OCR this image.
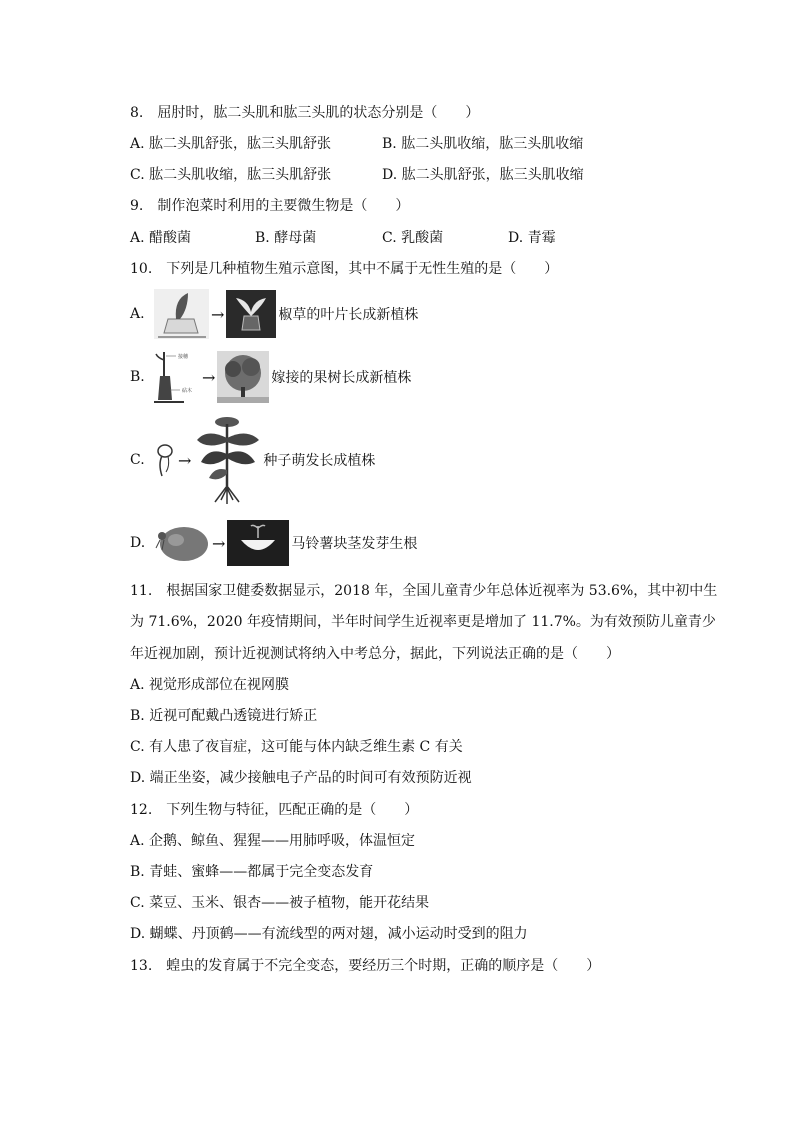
8.　屈肘时，肱二头肌和肱三头肌的状态分别是（　　）
A. 肱二头肌舒张，肱三头肌舒张	B. 肱二头肌收缩，肱三头肌收缩
C. 肱二头肌收缩，肱三头肌舒张	D. 肱二头肌舒张，肱三头肌收缩
9.　制作泡菜时利用的主要微生物是（　　）
A. 醋酸菌	B. 酵母菌	C. 乳酸菌	D. 青霉
10.　下列是几种植物生殖示意图，其中不属于无性生殖的是（　　）
A.	→	椒草的叶片长成新植株
B.
接穗
砧木
→	嫁接的果树长成新植株
C.	→	种子萌发长成植株
D.	→	马铃薯块茎发芽生根
11.　根据国家卫健委数据显示，2018 年，全国儿童青少年总体近视率为 53.6%，其中初中生
为 71.6%，2020 年疫情期间，半年时间学生近视率更是增加了 11.7%。为有效预防儿童青少
年近视加剧，预计近视测试将纳入中考总分，据此，下列说法正确的是（　　）
A. 视觉形成部位在视网膜
B. 近视可配戴凸透镜进行矫正
C. 有人患了夜盲症，这可能与体内缺乏维生素 C 有关
D. 端正坐姿，减少接触电子产品的时间可有效预防近视
12.　下列生物与特征，匹配正确的是（　　）
A. 企鹅、鲸鱼、猩猩——用肺呼吸，体温恒定
B. 青蛙、蜜蜂——都属于完全变态发育
C. 菜豆、玉米、银杏——被子植物，能开花结果
D. 蝴蝶、丹顶鹤——有流线型的两对翅，减小运动时受到的阻力
13.　蝗虫的发育属于不完全变态，要经历三个时期，正确的顺序是（　　）
